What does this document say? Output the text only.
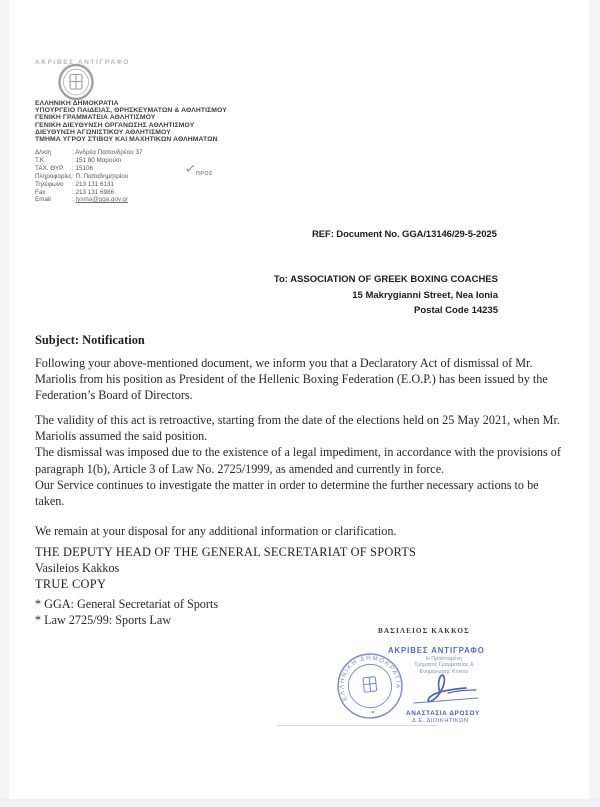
ΑΚΡΙΒΕΣ ΑΝΤΙΓΡΑΦΟ
ΕΛΛΗΝΙΚΗ ΔΗΜΟΚΡΑΤΙΑ
ΥΠΟΥΡΓΕΙΟ ΠΑΙΔΕΙΑΣ, ΘΡΗΣΚΕΥΜΑΤΩΝ & ΑΘΛΗΤΙΣΜΟΥ
ΓΕΝΙΚΗ ΓΡΑΜΜΑΤΕΙΑ ΑΘΛΗΤΙΣΜΟΥ
ΓΕΝΙΚΗ ΔΙΕΥΘΥΝΣΗ ΟΡΓΑΝΩΣΗΣ ΑΘΛΗΤΙΣΜΟΥ
ΔΙΕΥΘΥΝΣΗ ΑΓΩΝΙΣΤΙΚΟΥ ΑΘΛΗΤΙΣΜΟΥ
ΤΜΗΜΑ ΥΓΡΟΥ ΣΤΙΒΟΥ ΚΑΙ ΜΑΧΗΤΙΚΩΝ ΑΘΛΗΜΑΤΩΝ
Δ/νση	: Ανδρέα Παπανδρέου 37
Τ.Κ.	: 151 80 Μαρούσι
ΤΑΧ. ΘΥΡ. : 15106
Πληροφορίες: Π. Παπαδημητρίου
Τηλέφωνο : 213 131 6131
Fax	: 213 131 6986
Email	: tysma@gga.gov.gr
✓ΠΡΟΣ
REF: Document No. GGA/13146/29-5-2025
To: ASSOCIATION OF GREEK BOXING COACHES
15 Makrygianni Street, Nea Ionia
Postal Code 14235
Subject: Notification

Following your above-mentioned document, we inform you that a Declaratory Act of dismissal of Mr. Mariolis from his position as President of the Hellenic Boxing Federation (E.O.P.) has been issued by the Federation’s Board of Directors.

The validity of this act is retroactive, starting from the date of the elections held on 25 May 2021, when Mr. Mariolis assumed the said position.

The dismissal was imposed due to the existence of a legal impediment, in accordance with the provisions of paragraph 1(b), Article 3 of Law No. 2725/1999, as amended and currently in force.

Our Service continues to investigate the matter in order to determine the further necessary actions to be taken.

We remain at your disposal for any additional information or clarification.

THE DEPUTY HEAD OF THE GENERAL SECRETARIAT OF SPORTS
Vasileios Kakkos
TRUE COPY
* GGA: General Secretariat of Sports
* Law 2725/99: Sports Law
ΒΑΣΙΛΕΙΟΣ ΚΑΚΚΟΣ
ΕΛΛΗΝΙΚΗ ΔΗΜΟΚΡΑΤΙΑ
ΑΚΡΙΒΕΣ ΑΝΤΙΓΡΑΦΟ
Η Προϊσταμένη
Τμήματος Γραμματείας &
Ενημέρωσης Κοινού
ΑΝΑΣΤΑΣΙΑ ΔΡΟΣΟΥ
Δ.Ε. ΔΙΟΙΚΗΤΙΚΩΝ
